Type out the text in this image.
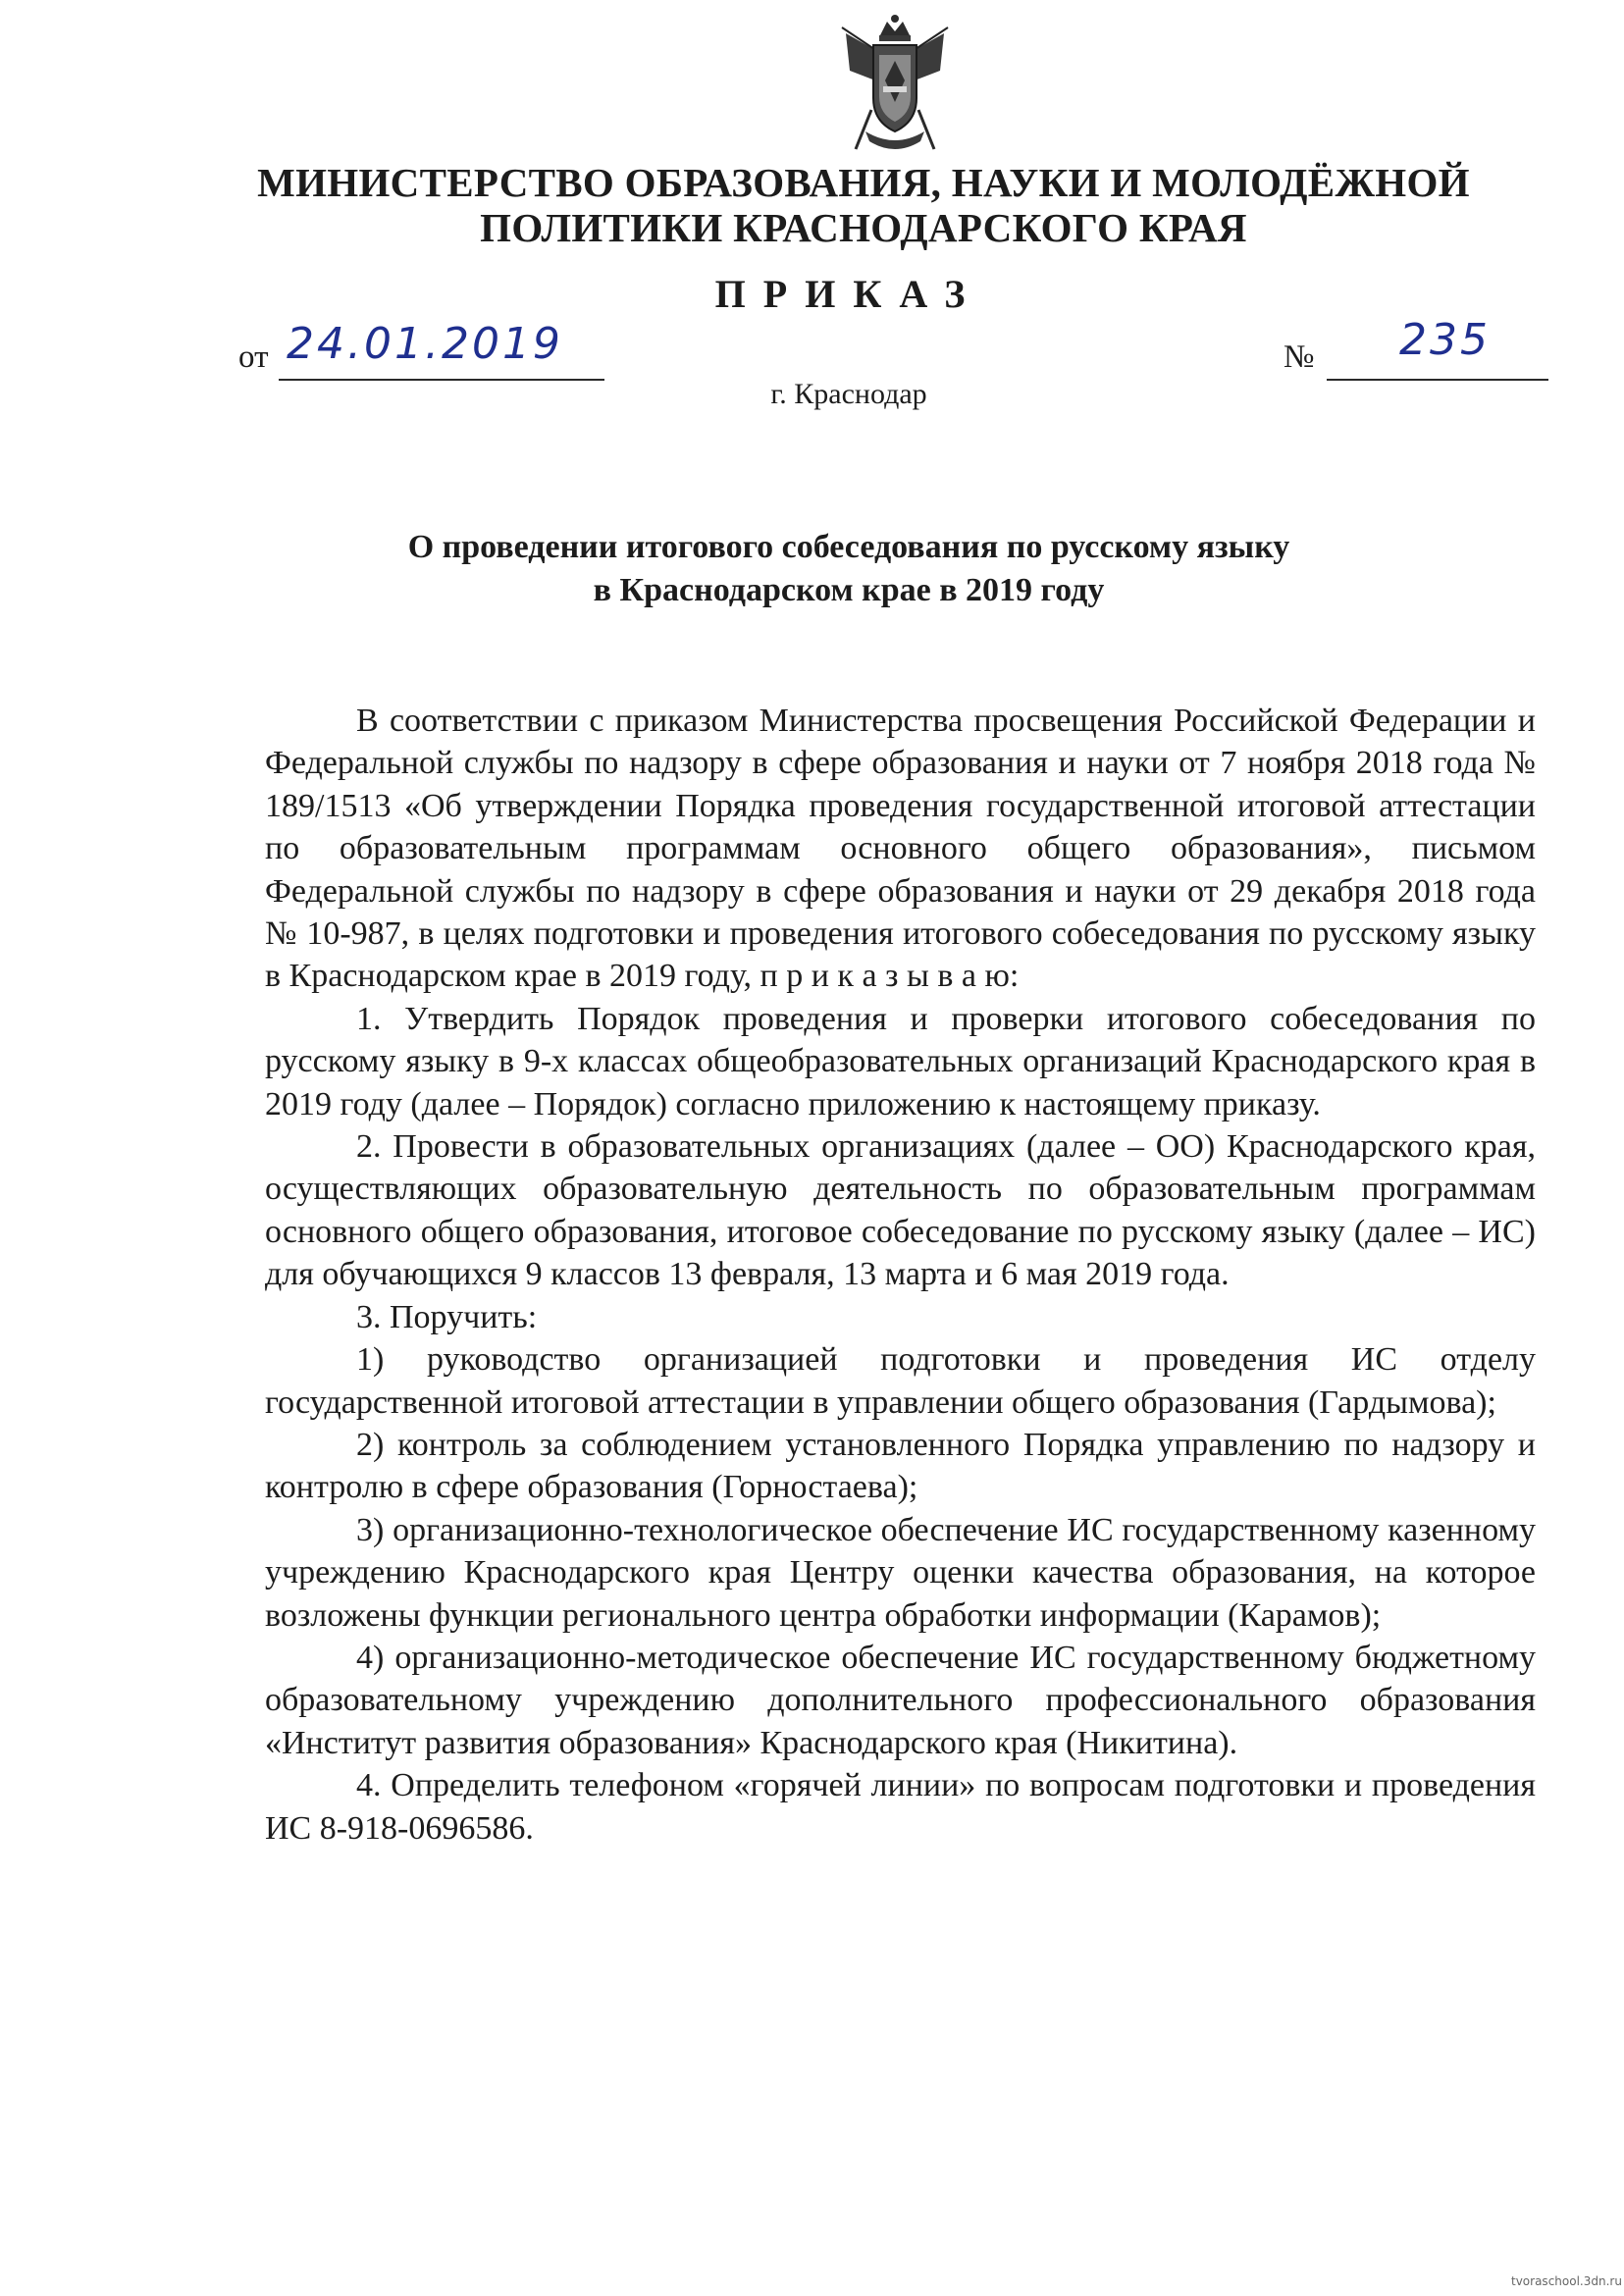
МИНИСТЕРСТВО ОБРАЗОВАНИЯ, НАУКИ И МОЛОДЁЖНОЙ

ПОЛИТИКИ КРАСНОДАРСКОГО КРАЯ

ПРИКАЗ

от 24.01.2019	№ 235

г. Краснодар

О проведении итогового собеседования по русскому языку
в Краснодарском крае в 2019 году

В соответствии с приказом Министерства просвещения Российской Федерации и Федеральной службы по надзору в сфере образования и науки от 7 ноября 2018 года № 189/1513 «Об утверждении Порядка проведения государственной итоговой аттестации по образовательным программам основного общего образования», письмом Федеральной службы по надзору в сфере образования и науки от 29 декабря 2018 года № 10-987, в целях подготовки и проведения итогового собеседования по русскому языку в Краснодарском крае в 2019 году, п р и к а з ы в а ю:

1. Утвердить Порядок проведения и проверки итогового собеседования по русскому языку в 9-х классах общеобразовательных организаций Краснодарского края в 2019 году (далее – Порядок) согласно приложению к настоящему приказу.

2. Провести в образовательных организациях (далее – ОО) Краснодарского края, осуществляющих образовательную деятельность по образовательным программам основного общего образования, итоговое собеседование по русскому языку (далее – ИС) для обучающихся 9 классов 13 февраля, 13 марта и 6 мая 2019 года.

3. Поручить:

1) руководство организацией подготовки и проведения ИС отделу государственной итоговой аттестации в управлении общего образования (Гардымова);

2) контроль за соблюдением установленного Порядка управлению по надзору и контролю в сфере образования (Горностаева);

3) организационно-технологическое обеспечение ИС государственному казенному учреждению Краснодарского края Центру оценки качества образования, на которое возложены функции регионального центра обработки информации (Карамов);

4) организационно-методическое обеспечение ИС государственному бюджетному образовательному учреждению дополнительного профессионального образования «Институт развития образования» Краснодарского края (Никитина).

4. Определить телефоном «горячей линии» по вопросам подготовки и проведения ИС 8-918-0696586.

tvoraschool.3dn.ru
